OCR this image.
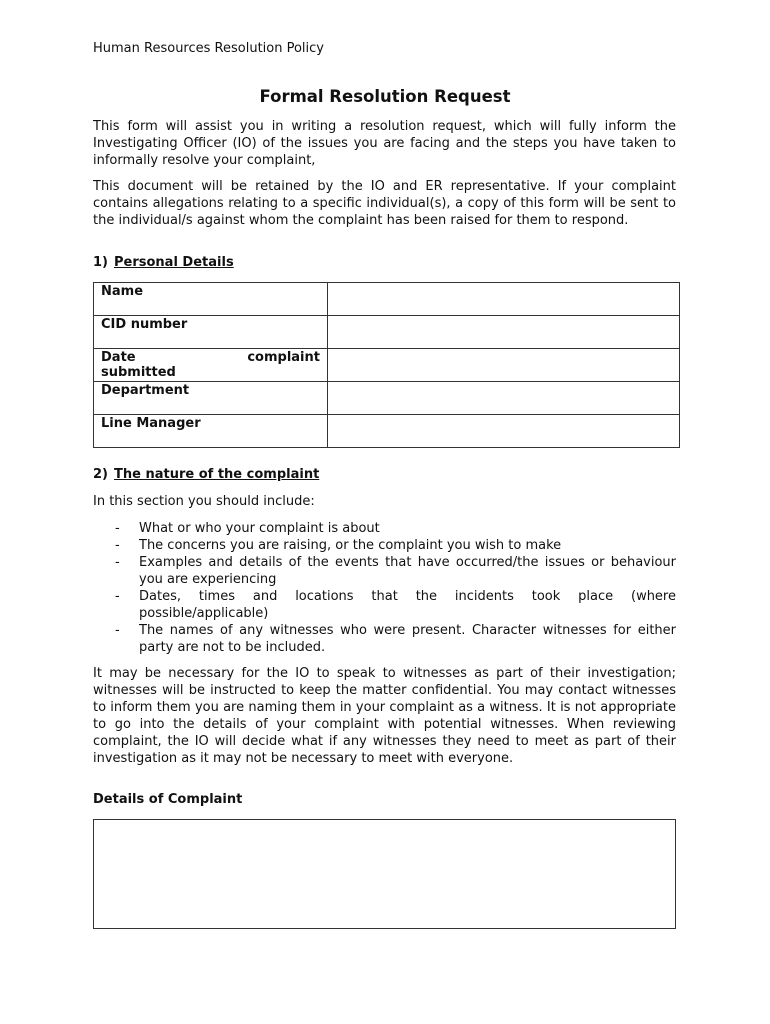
Human Resources Resolution Policy
Formal Resolution Request
This form will assist you in writing a resolution request, which will fully inform the Investigating Officer (IO) of the issues you are facing and the steps you have taken to informally resolve your complaint,
This document will be retained by the IO and ER representative. If your complaint contains allegations relating to a specific individual(s), a copy of this form will be sent to the individual/s against whom the complaint has been raised for them to respond.
1) Personal Details
Name	
CID number	

Date complaint
submitted	
Department	
Line Manager	
2) The nature of the complaint
In this section you should include:
- What or who your complaint is about
- The concerns you are raising, or the complaint you wish to make
- Examples and details of the events that have occurred/the issues or behaviour you are experiencing
- Dates, times and locations that the incidents took place (where possible/applicable)
- The names of any witnesses who were present. Character witnesses for either party are not to be included.
It may be necessary for the IO to speak to witnesses as part of their investigation; witnesses will be instructed to keep the matter confidential. You may contact witnesses to inform them you are naming them in your complaint as a witness. It is not appropriate to go into the details of your complaint with potential witnesses. When reviewing complaint, the IO will decide what if any witnesses they need to meet as part of their investigation as it may not be necessary to meet with everyone.
Details of Complaint
